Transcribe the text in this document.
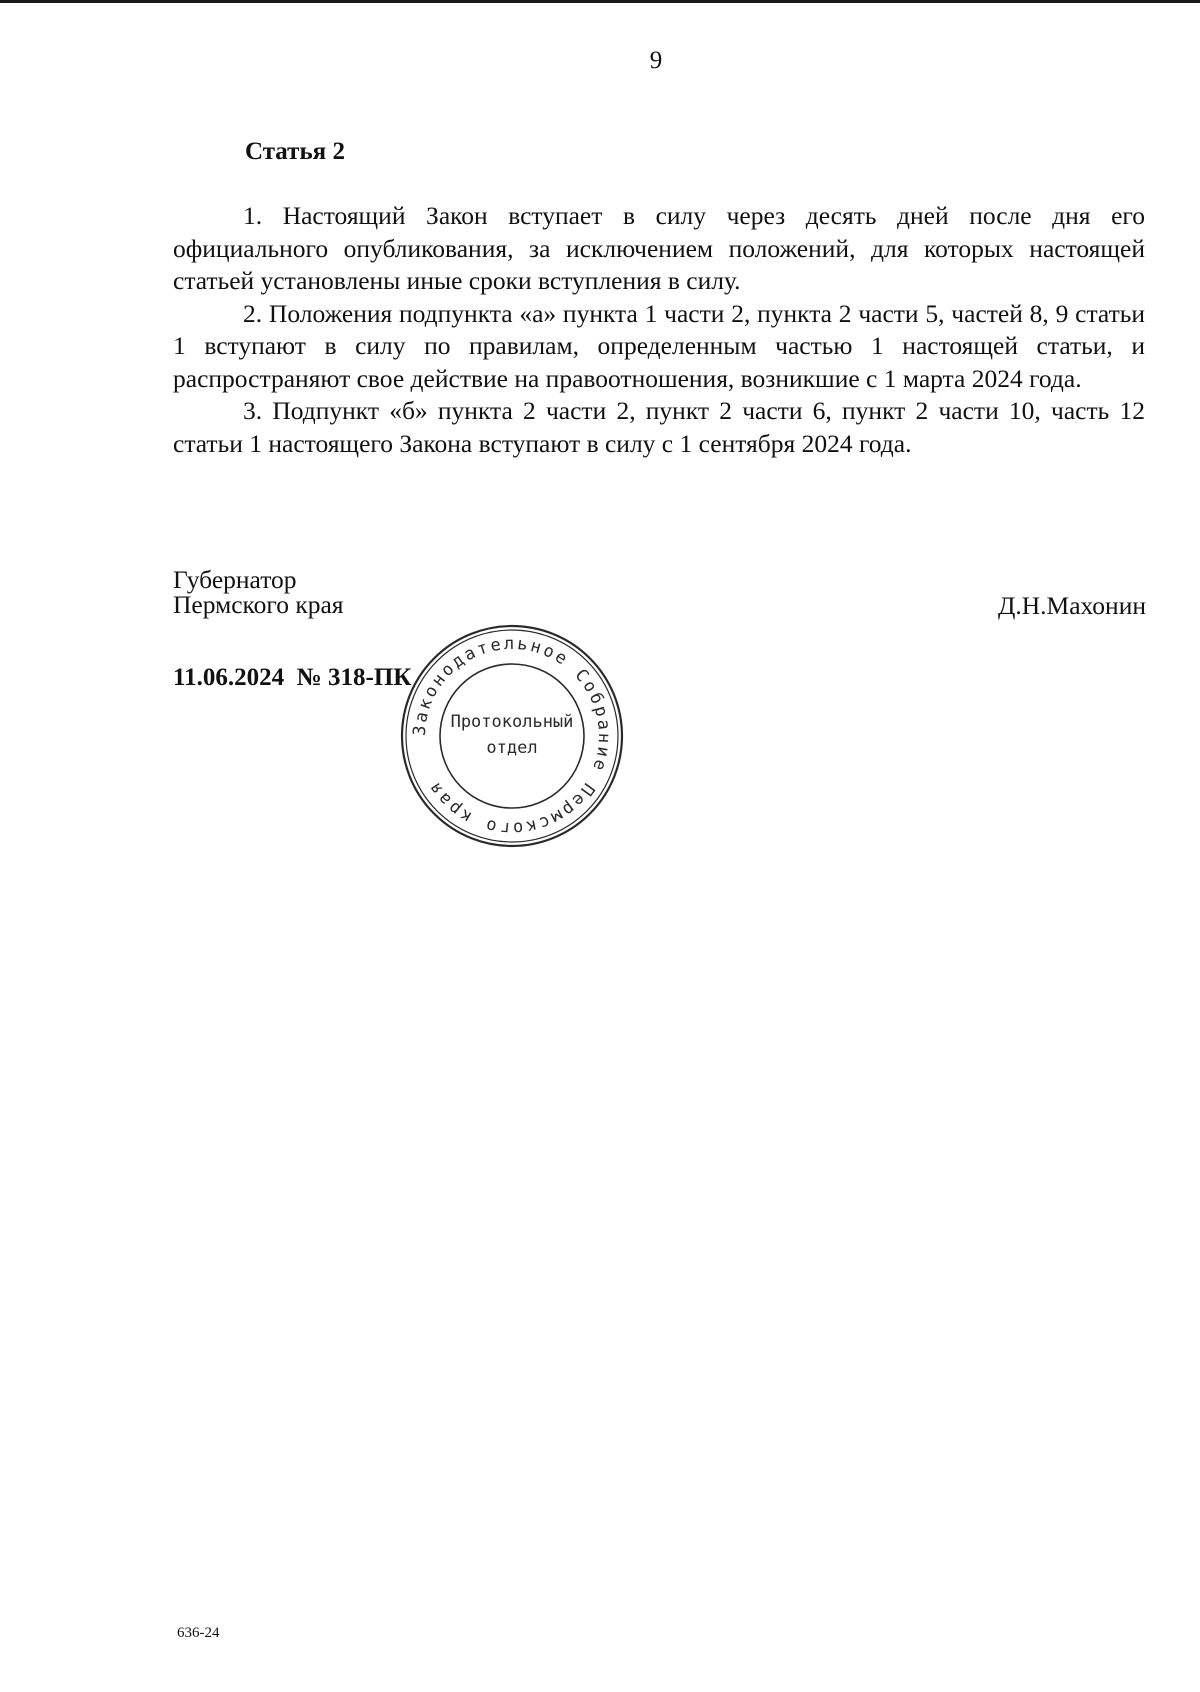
9
Статья 2

1. Настоящий Закон вступает в силу через десять дней после дня его официального опубликования, за исключением положений, для которых настоящей статьей установлены иные сроки вступления в силу.

2. Положения подпункта «а» пункта 1 части 2, пункта 2 части 5, частей 8, 9 статьи 1 вступают в силу по правилам, определенным частью 1 настоящей статьи, и распространяют свое действие на правоотношения, возникшие с 1 марта 2024 года.

3. Подпункт «б» пункта 2 части 2, пункт 2 части 6, пункт 2 части 10, часть 12 статьи 1 настоящего Закона вступают в силу с 1 сентября 2024 года.

Губернатор
Пермского края	Д.Н.Махонин
11.06.2024  № 318-ПК
Законодательное Собрание Пермского края
Протокольный
отдел
636-24
